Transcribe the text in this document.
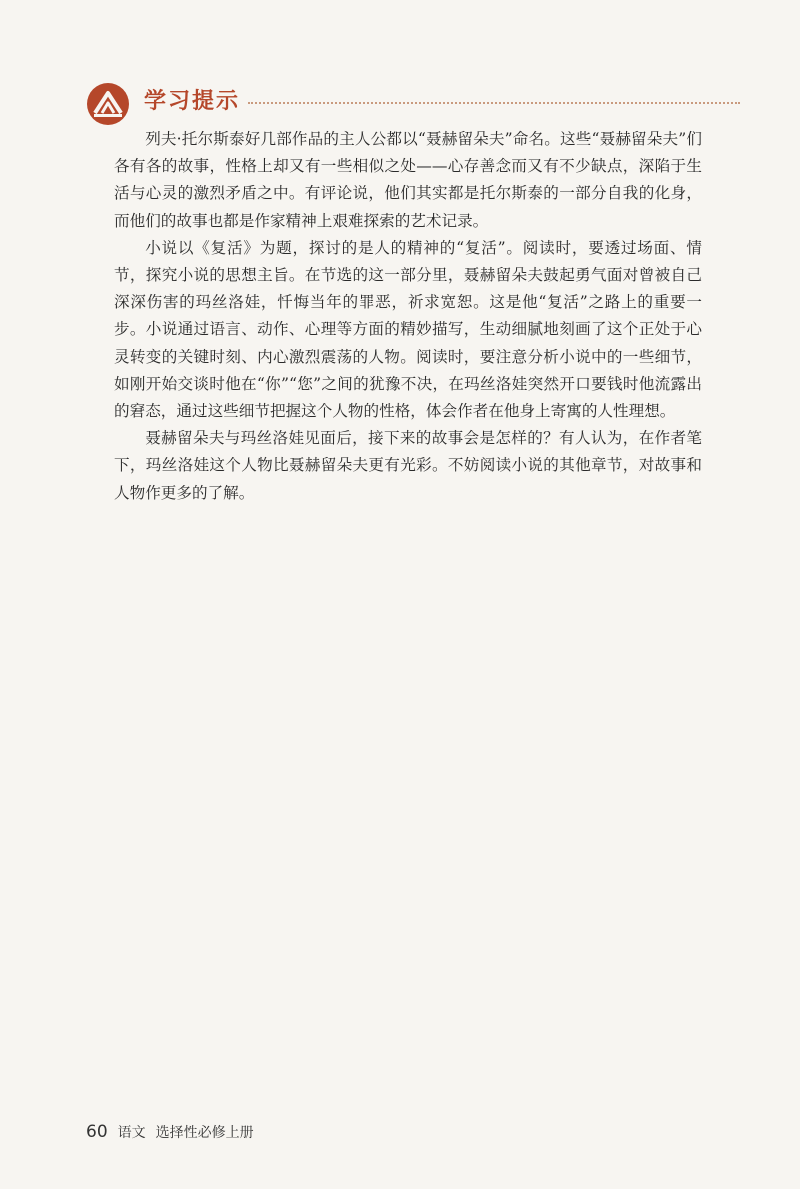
学习提示

列夫·托尔斯泰好几部作品的主人公都以“聂赫留朵夫”命名。这些“聂赫留朵夫”们各有各的故事，性格上却又有一些相似之处——心存善念而又有不少缺点，深陷于生活与心灵的激烈矛盾之中。有评论说，他们其实都是托尔斯泰的一部分自我的化身，而他们的故事也都是作家精神上艰难探索的艺术记录。

小说以《复活》为题，探讨的是人的精神的“复活”。阅读时，要透过场面、情节，探究小说的思想主旨。在节选的这一部分里，聂赫留朵夫鼓起勇气面对曾被自己深深伤害的玛丝洛娃，忏悔当年的罪恶，祈求宽恕。这是他“复活”之路上的重要一步。小说通过语言、动作、心理等方面的精妙描写，生动细腻地刻画了这个正处于心灵转变的关键时刻、内心激烈震荡的人物。阅读时，要注意分析小说中的一些细节，如刚开始交谈时他在“你”“您”之间的犹豫不决，在玛丝洛娃突然开口要钱时他流露出的窘态，通过这些细节把握这个人物的性格，体会作者在他身上寄寓的人性理想。

聂赫留朵夫与玛丝洛娃见面后，接下来的故事会是怎样的？有人认为，在作者笔下，玛丝洛娃这个人物比聂赫留朵夫更有光彩。不妨阅读小说的其他章节，对故事和人物作更多的了解。

60 语文 选择性必修上册
